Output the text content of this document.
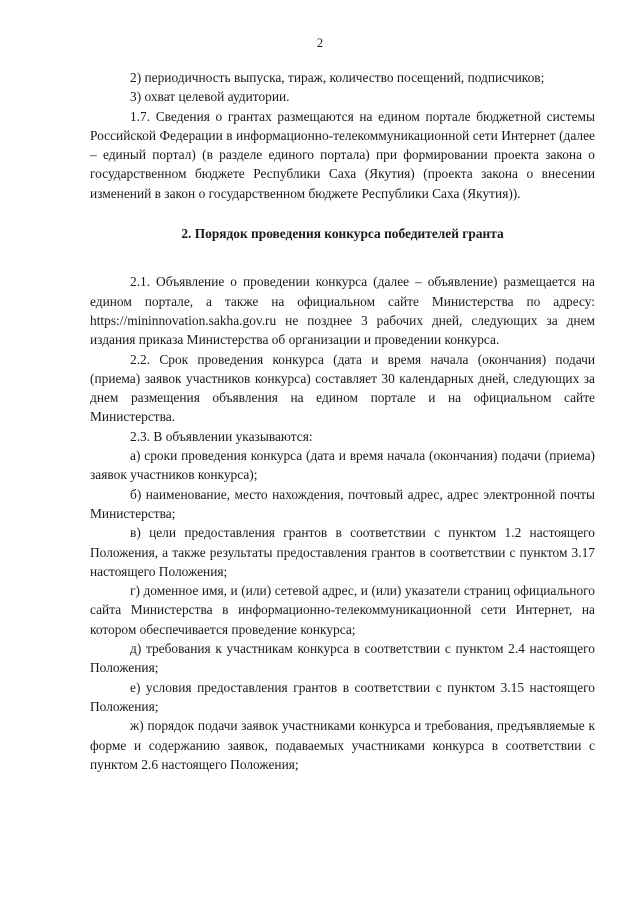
2

2) периодичность выпуска, тираж, количество посещений, подписчиков;

3) охват целевой аудитории.

1.7. Сведения о грантах размещаются на едином портале бюджетной системы Российской Федерации в информационно-телекоммуникационной сети Интернет (далее – единый портал) (в разделе единого портала) при формировании проекта закона о государственном бюджете Республики Саха (Якутия) (проекта закона о внесении изменений в закон о государственном бюджете Республики Саха (Якутия)).

2. Порядок проведения конкурса победителей гранта

2.1. Объявление о проведении конкурса (далее – объявление) размещается на едином портале, а также на официальном сайте Министерства по адресу: https://mininnovation.sakha.gov.ru не позднее 3 рабочих дней, следующих за днем издания приказа Министерства об организации и проведении конкурса.

2.2. Срок проведения конкурса (дата и время начала (окончания) подачи (приема) заявок участников конкурса) составляет 30 календарных дней, следующих за днем размещения объявления на едином портале и на официальном сайте Министерства.

2.3. В объявлении указываются:

а) сроки проведения конкурса (дата и время начала (окончания) подачи (приема) заявок участников конкурса);

б) наименование, место нахождения, почтовый адрес, адрес электронной почты Министерства;

в) цели предоставления грантов в соответствии с пунктом 1.2 настоящего Положения, а также результаты предоставления грантов в соответствии с пунктом 3.17 настоящего Положения;

г) доменное имя, и (или) сетевой адрес, и (или) указатели страниц официального сайта Министерства в информационно-телекоммуникационной сети Интернет, на котором обеспечивается проведение конкурса;

д) требования к участникам конкурса в соответствии с пунктом 2.4 настоящего Положения;

е) условия предоставления грантов в соответствии с пунктом 3.15 настоящего Положения;

ж) порядок подачи заявок участниками конкурса и требования, предъявляемые к форме и содержанию заявок, подаваемых участниками конкурса в соответствии с пунктом 2.6 настоящего Положения;
